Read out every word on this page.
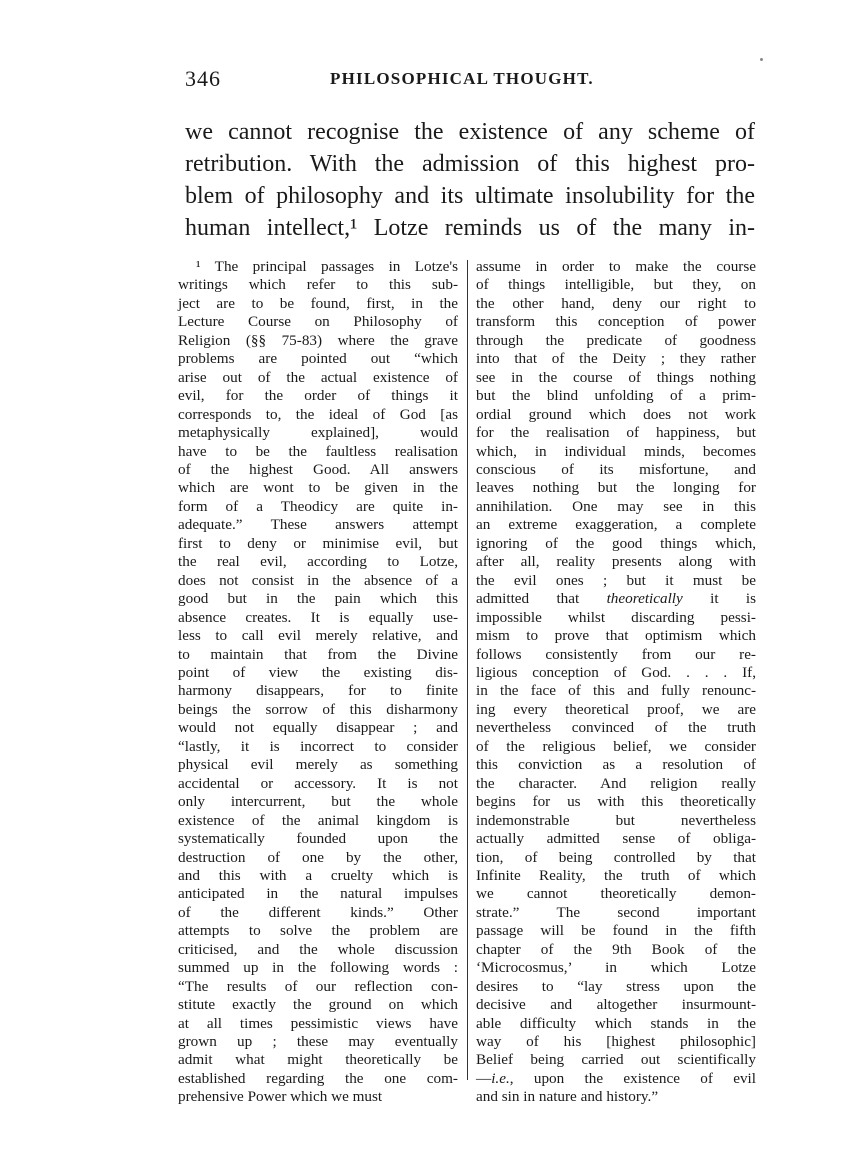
346	PHILOSOPHICAL THOUGHT.
we cannot recognise the existence of any scheme of
retribution. With the admission of this highest pro-
blem of philosophy and its ultimate insolubility for the
human intellect,¹ Lotze reminds us of the many in-
¹ The principal passages in Lotze's
writings which refer to this sub-
ject are to be found, first, in the
Lecture Course on Philosophy of
Religion (§§ 75-83) where the grave
problems are pointed out “which
arise out of the actual existence of
evil, for the order of things it
corresponds to, the ideal of God [as
metaphysically explained], would
have to be the faultless realisation
of the highest Good. All answers
which are wont to be given in the
form of a Theodicy are quite in-
adequate.” These answers attempt
first to deny or minimise evil, but
the real evil, according to Lotze,
does not consist in the absence of a
good but in the pain which this
absence creates. It is equally use-
less to call evil merely relative, and
to maintain that from the Divine
point of view the existing dis-
harmony disappears, for to finite
beings the sorrow of this disharmony
would not equally disappear ; and
“lastly, it is incorrect to consider
physical evil merely as something
accidental or accessory. It is not
only intercurrent, but the whole
existence of the animal kingdom is
systematically founded upon the
destruction of one by the other,
and this with a cruelty which is
anticipated in the natural impulses
of the different kinds.” Other
attempts to solve the problem are
criticised, and the whole discussion
summed up in the following words :
“The results of our reflection con-
stitute exactly the ground on which
at all times pessimistic views have
grown up ; these may eventually
admit what might theoretically be
established regarding the one com-
prehensive Power which we must
assume in order to make the course
of things intelligible, but they, on
the other hand, deny our right to
transform this conception of power
through the predicate of goodness
into that of the Deity ; they rather
see in the course of things nothing
but the blind unfolding of a prim-
ordial ground which does not work
for the realisation of happiness, but
which, in individual minds, becomes
conscious of its misfortune, and
leaves nothing but the longing for
annihilation. One may see in this
an extreme exaggeration, a complete
ignoring of the good things which,
after all, reality presents along with
the evil ones ; but it must be
admitted that theoretically it is
impossible whilst discarding pessi-
mism to prove that optimism which
follows consistently from our re-
ligious conception of God. . . . If,
in the face of this and fully renounc-
ing every theoretical proof, we are
nevertheless convinced of the truth
of the religious belief, we consider
this conviction as a resolution of
the character. And religion really
begins for us with this theoretically
indemonstrable but nevertheless
actually admitted sense of obliga-
tion, of being controlled by that
Infinite Reality, the truth of which
we cannot theoretically demon-
strate.” The second important
passage will be found in the fifth
chapter of the 9th Book of the
‘Microcosmus,’ in which Lotze
desires to “lay stress upon the
decisive and altogether insurmount-
able difficulty which stands in the
way of his [highest philosophic]
Belief being carried out scientifically
—i.e., upon the existence of evil
and sin in nature and history.”
